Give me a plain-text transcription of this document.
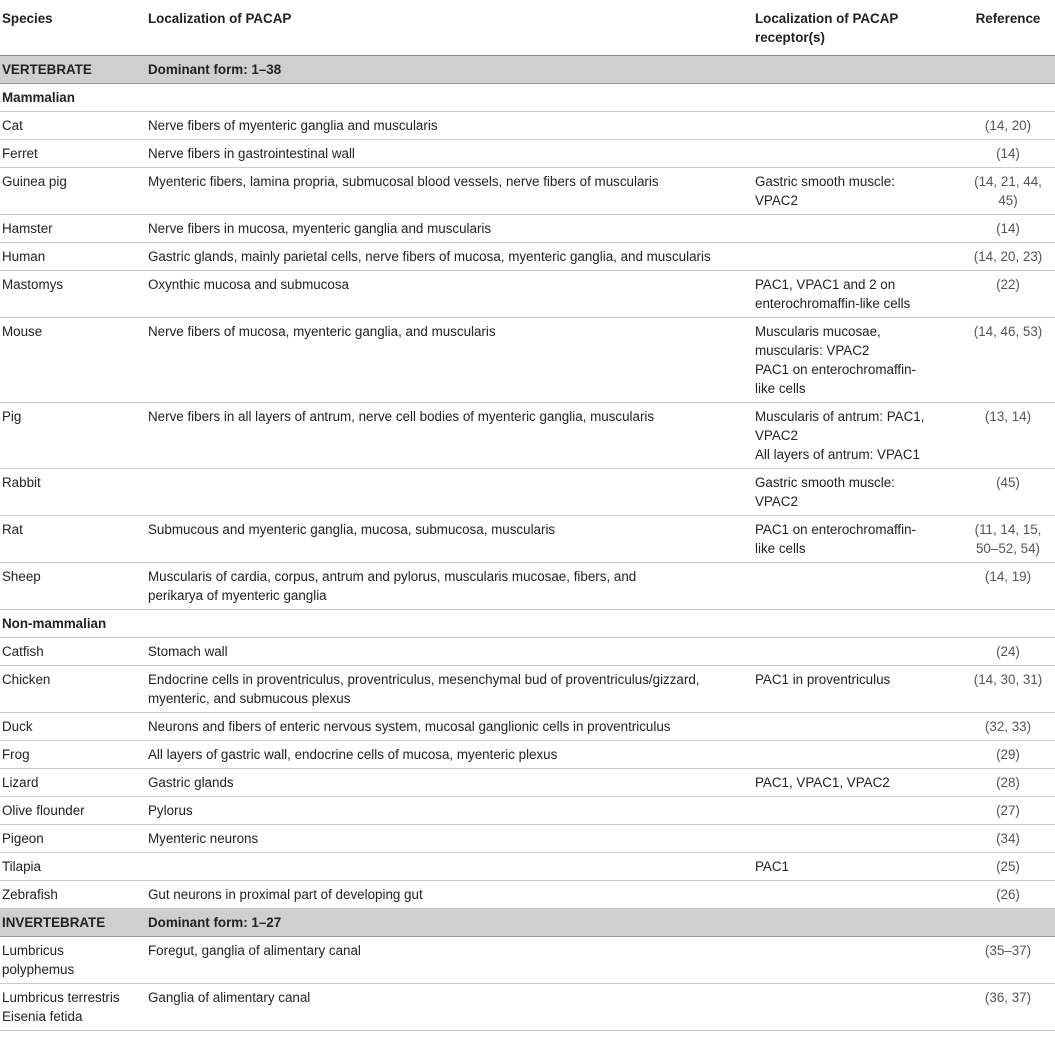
Species	Localization of PACAP	Localization of PACAP receptor(s)	Reference
VERTEBRATE	Dominant form: 1–38		
Mammalian			

Cat	Nerve fibers of myenteric ganglia and muscularis		(14, 20)

Ferret	Nerve fibers in gastrointestinal wall		(14)

Guinea pig	Myenteric fibers, lamina propria, submucosal blood vessels, nerve fibers of muscularis	Gastric smooth muscle:
VPAC2	(14, 21, 44, 45)

Hamster	Nerve fibers in mucosa, myenteric ganglia and muscularis		(14)

Human	Gastric glands, mainly parietal cells, nerve fibers of mucosa, myenteric ganglia, and muscularis		(14, 20, 23)

Mastomys	Oxynthic mucosa and submucosa	PAC1, VPAC1 and 2 on
enterochromaffin-like cells	(22)

Mouse	Nerve fibers of mucosa, myenteric ganglia, and muscularis	Muscularis mucosae,
muscularis: VPAC2
PAC1 on enterochromaffin-
like cells	(14, 46, 53)

Pig	Nerve fibers in all layers of antrum, nerve cell bodies of myenteric ganglia, muscularis	Muscularis of antrum: PAC1,
VPAC2
All layers of antrum: VPAC1	(13, 14)

Rabbit		Gastric smooth muscle:
VPAC2	(45)

Rat	Submucous and myenteric ganglia, mucosa, submucosa, muscularis	PAC1 on enterochromaffin-
like cells	(11, 14, 15,
50–52, 54)

Sheep	Muscularis of cardia, corpus, antrum and pylorus, muscularis mucosae, fibers, and
perikarya of myenteric ganglia		(14, 19)

Non-mammalian			

Catfish	Stomach wall		(24)

Chicken	Endocrine cells in proventriculus, proventriculus, mesenchymal bud of proventriculus/gizzard,
myenteric, and submucous plexus	PAC1 in proventriculus	(14, 30, 31)

Duck	Neurons and fibers of enteric nervous system, mucosal ganglionic cells in proventriculus		(32, 33)

Frog	All layers of gastric wall, endocrine cells of mucosa, myenteric plexus		(29)

Lizard	Gastric glands	PAC1, VPAC1, VPAC2	(28)

Olive flounder	Pylorus		(27)

Pigeon	Myenteric neurons		(34)

Tilapia		PAC1	(25)

Zebrafish	Gut neurons in proximal part of developing gut		(26)

INVERTEBRATE	Dominant form: 1–27		

Lumbricus
polyphemus	Foregut, ganglia of alimentary canal		(35–37)

Lumbricus terrestris
Eisenia fetida	Ganglia of alimentary canal		(36, 37)
